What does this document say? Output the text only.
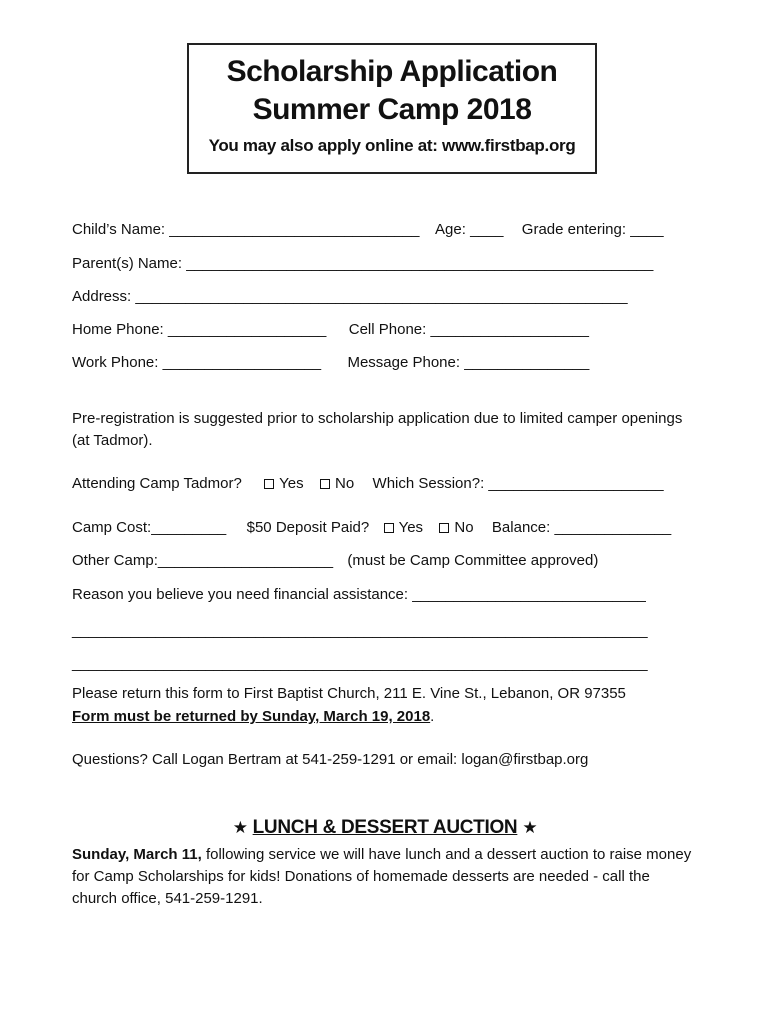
Scholarship Application
Summer Camp 2018
You may also apply online at: www.firstbap.org
Child’s Name: ______________________________ Age: ____ Grade entering: ____
Parent(s) Name: ________________________________________________________
Address: ___________________________________________________________
Home Phone: ___________________ Cell Phone: ___________________
Work Phone: ___________________ Message Phone: _______________
Pre-registration is suggested prior to scholarship application due to limited camper openings (at Tadmor).
Attending Camp Tadmor? Yes No Which Session?: _____________________
Camp Cost:_________ $50 Deposit Paid? Yes No Balance: ______________
Other Camp:_____________________ (must be Camp Committee approved)
Reason you believe you need financial assistance: ____________________________
_____________________________________________________________________
_____________________________________________________________________
Please return this form to First Baptist Church, 211 E. Vine St., Lebanon, OR 97355
Form must be returned by Sunday, March 19, 2018.
Questions? Call Logan Bertram at 541-259-1291 or email: logan@firstbap.org
★ LUNCH & DESSERT AUCTION ★
Sunday, March 11, following service we will have lunch and a dessert auction to raise money for Camp Scholarships for kids! Donations of homemade desserts are needed - call the church office, 541-259-1291.
